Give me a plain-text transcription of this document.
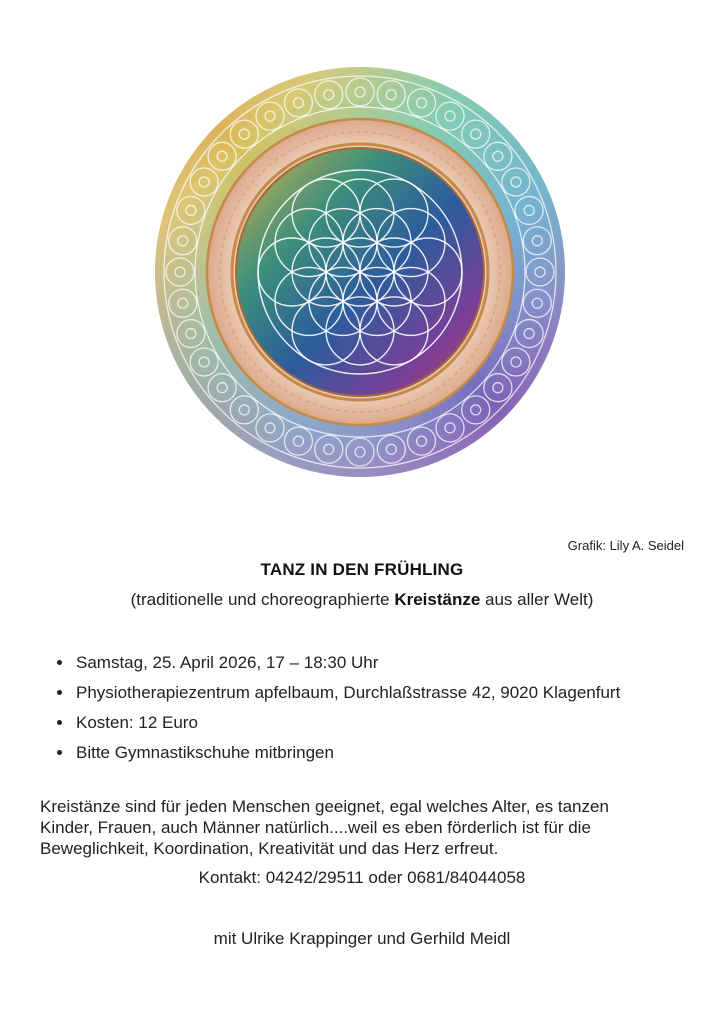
Grafik: Lily A. Seidel
TANZ IN DEN FRÜHLING
(traditionelle und choreographierte Kreistänze aus aller Welt)
• Samstag, 25. April 2026, 17 – 18:30 Uhr
• Physiotherapiezentrum apfelbaum, Durchlaßstrasse 42, 9020 Klagenfurt
• Kosten: 12 Euro
• Bitte Gymnastikschuhe mitbringen
Kreistänze sind für jeden Menschen geeignet, egal welches Alter, es tanzen
Kinder, Frauen, auch Männer natürlich....weil es eben förderlich ist für die
Beweglichkeit, Koordination, Kreativität und das Herz erfreut.
Kontakt: 04242/29511 oder 0681/84044058
mit Ulrike Krappinger und Gerhild Meidl
